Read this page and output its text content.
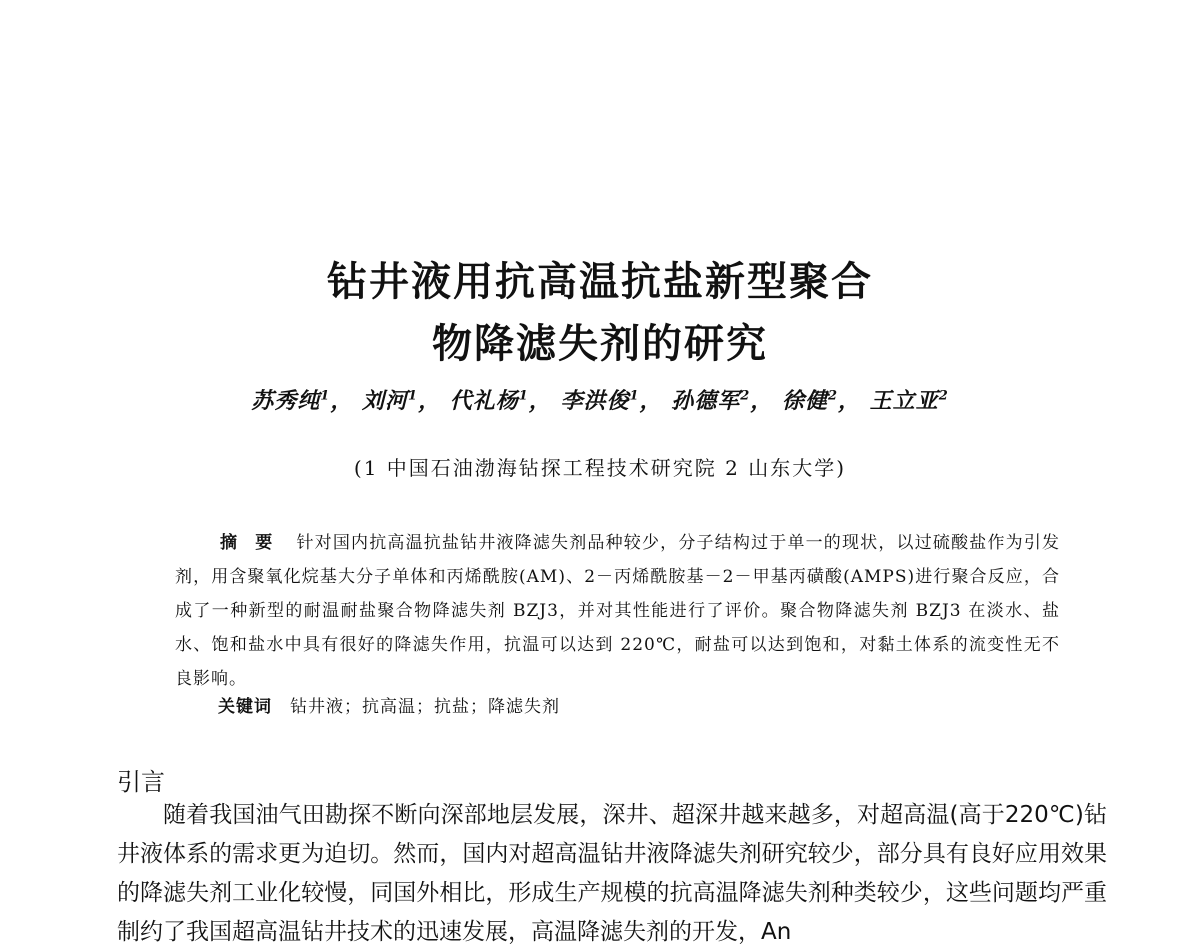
钻井液用抗高温抗盐新型聚合
物降滤失剂的研究
苏秀纯$^1$， 刘河$^1$， 代礼杨$^1$， 李洪俊$^1$， 孙德军$^2$， 徐健$^2$， 王立亚$^2$
(1 中国石油渤海钻探工程技术研究院 2 山东大学)
摘 要 针对国内抗高温抗盐钻井液降滤失剂品种较少，分子结构过于单一的现状，以过硫酸盐作为引发剂，用含聚氧化烷基大分子单体和丙烯酰胺(AM)、2－丙烯酰胺基－2－甲基丙磺酸(AMPS)进行聚合反应，合成了一种新型的耐温耐盐聚合物降滤失剂 BZJ3，并对其性能进行了评价。聚合物降滤失剂 BZJ3 在淡水、盐水、饱和盐水中具有很好的降滤失作用，抗温可以达到 220℃，耐盐可以达到饱和，对黏土体系的流变性无不良影响。
关键词 钻井液；抗高温；抗盐；降滤失剂
引言

随着我国油气田勘探不断向深部地层发展，深井、超深井越来越多，对超高温(高于220℃)钻井液体系的需求更为迫切。然而，国内对超高温钻井液降滤失剂研究较少，部分具有良好应用效果的降滤失剂工业化较慢，同国外相比，形成生产规模的抗高温降滤失剂种类较少，这些问题均严重制约了我国超高温钻井技术的迅速发展，高温降滤失剂的开发，An
